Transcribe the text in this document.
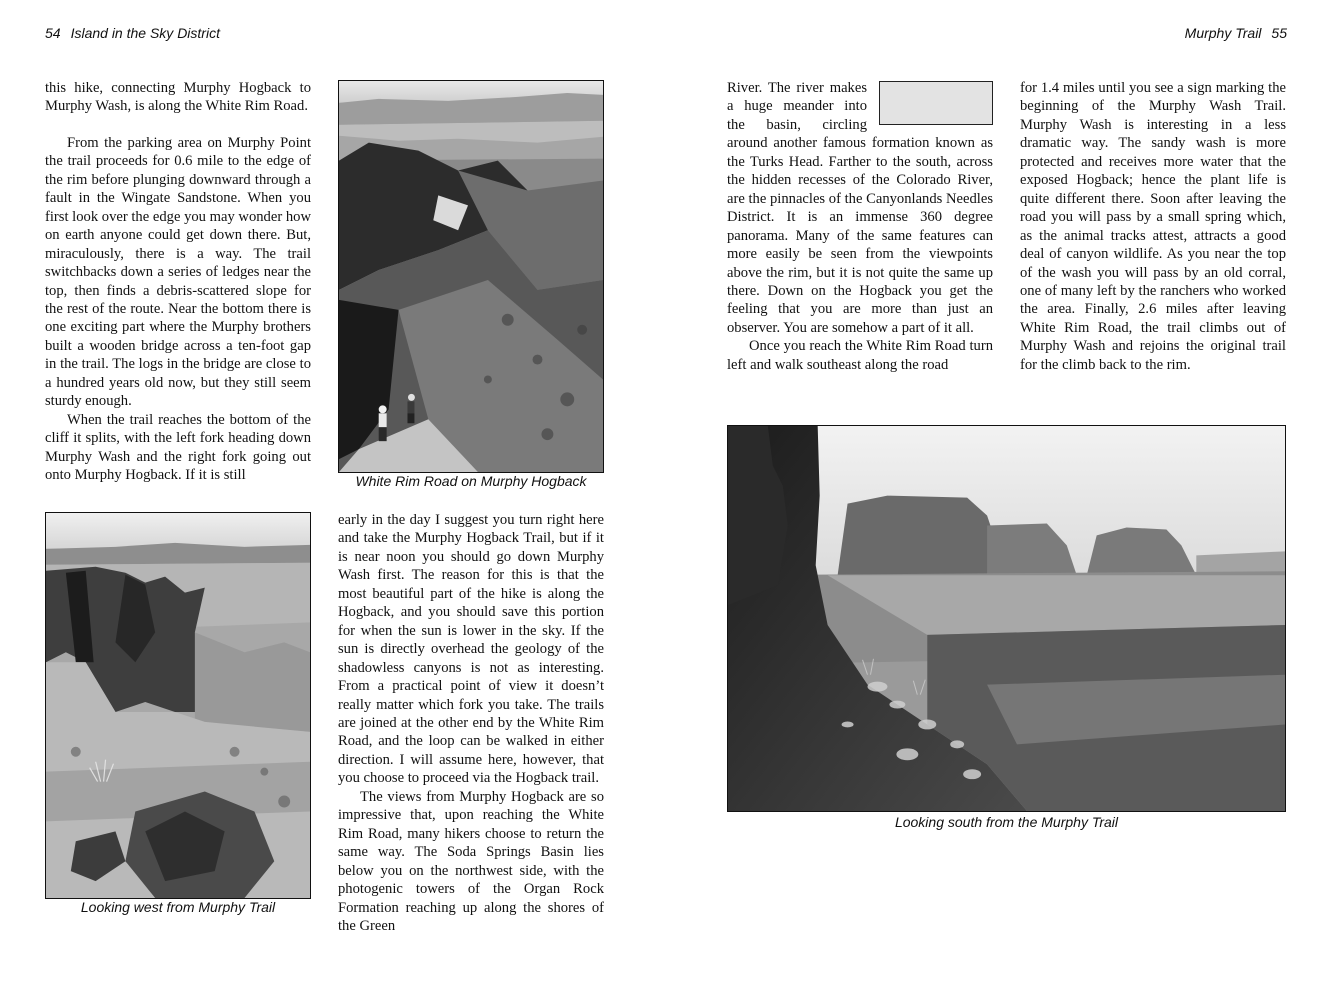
54 Island in the Sky District

this hike, connecting Murphy Hogback to Murphy Wash, is along the White Rim Road.

From the parking area on Murphy Point the trail proceeds for 0.6 mile to the edge of the rim before plunging downward through a fault in the Wingate Sandstone. When you first look over the edge you may wonder how on earth anyone could get down there. But, miraculously, there is a way. The trail switchbacks down a series of ledges near the top, then finds a debris-scattered slope for the rest of the route. Near the bottom there is one exciting part where the Murphy brothers built a wooden bridge across a ten-foot gap in the trail. The logs in the bridge are close to a hundred years old now, but they still seem sturdy enough.

When the trail reaches the bottom of the cliff it splits, with the left fork heading down Murphy Wash and the right fork going out onto Murphy Hogback. If it is still	White Rim Road on Murphy Hogback
Looking west from Murphy Trail

early in the day I suggest you turn right here and take the Murphy Hogback Trail, but if it is near noon you should go down Murphy Wash first. The reason for this is that the most beautiful part of the hike is along the Hogback, and you should save this portion for when the sun is lower in the sky. If the sun is directly overhead the geology of the shadowless canyons is not as interesting. From a practical point of view it doesn’t really matter which fork you take. The trails are joined at the other end by the White Rim Road, and the loop can be walked in either direction. I will assume here, however, that you choose to proceed via the Hogback trail.

The views from Murphy Hogback are so impressive that, upon reaching the White Rim Road, many hikers choose to return the same way. The Soda Springs Basin lies below you on the northwest side, with the photogenic towers of the Organ Rock Formation reaching up along the shores of the Green

Murphy Trail 55

River. The river makes a huge meander into the basin, circling around another famous formation known as the Turks Head. Farther to the south, across the hidden recesses of the Colorado River, are the pinnacles of the Canyonlands Needles District. It is an immense 360 degree panorama. Many of the same features can more easily be seen from the viewpoints above the rim, but it is not quite the same up there. Down on the Hogback you get the feeling that you are more than just an observer. You are somehow a part of it all.

Once you reach the White Rim Road turn left and walk southeast along the road

for 1.4 miles until you see a sign marking the beginning of the Murphy Wash Trail. Murphy Wash is interesting in a less dramatic way. The sandy wash is more protected and receives more water that the exposed Hogback; hence the plant life is quite different there. Soon after leaving the road you will pass by a small spring which, as the animal tracks attest, attracts a good deal of canyon wildlife. As you near the top of the wash you will pass by an old corral, one of many left by the ranchers who worked the area. Finally, 2.6 miles after leaving White Rim Road, the trail climbs out of Murphy Wash and rejoins the original trail for the climb back to the rim.

Looking south from the Murphy Trail
